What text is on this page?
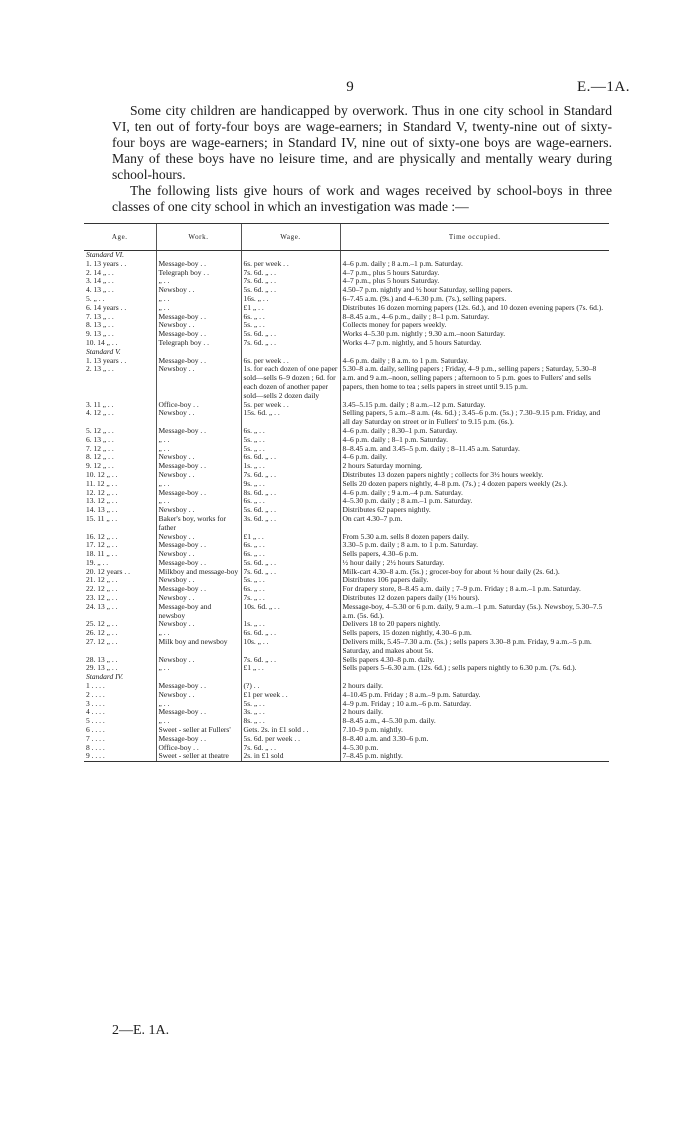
9	E.—1A.

Some city children are handicapped by overwork. Thus in one city school in Standard VI, ten out of forty-four boys are wage-earners; in Standard V, twenty-nine out of sixty-four boys are wage-earners; in Standard IV, nine out of sixty-one boys are wage-earners. Many of these boys have no leisure time, and are physically and mentally weary during school-hours.

The following lists give hours of work and wages received by school-boys in three classes of one city school in which an investigation was made :—

Age.	Work.	Wage.	Time occupied.
Standard VI.			
1. 13 years . .	Message-boy . .	6s. per week . .	4–6 p.m. daily ; 8 a.m.–1 p.m. Saturday.
2. 14 „ . .	Telegraph boy . .	7s. 6d. „ . .	4–7 p.m., plus 5 hours Saturday.
3. 14 „ . .	„ . .	7s. 6d. „ . .	4–7 p.m., plus 5 hours Saturday.
4. 13 „ . .	Newsboy . .	5s. 6d. „ . .	4.50–7 p.m. nightly and ½ hour Saturday, selling papers.
5. „ . .	„ . .	16s. „ . .	6–7.45 a.m. (9s.) and 4–6.30 p.m. (7s.), selling papers.
6. 14 years . .	„ . .	£1 „ . .	Distributes 16 dozen morning papers (12s. 6d.), and 10 dozen evening papers (7s. 6d.).
7. 13 „ . .	Message-boy . .	6s. „ . .	8–8.45 a.m., 4–6 p.m., daily ; 8–1 p.m. Saturday.
8. 13 „ . .	Newsboy . .	5s. „ . .	Collects money for papers weekly.
9. 13 „ . .	Message-boy . .	5s. 6d. „ . .	Works 4–5.30 p.m. nightly ; 9.30 a.m.–noon Saturday.
10. 14 „ . .	Telegraph boy . .	7s. 6d. „ . .	Works 4–7 p.m. nightly, and 5 hours Saturday.
Standard V.			
1. 13 years . .	Message-boy . .	6s. per week . .	4–6 p.m. daily ; 8 a.m. to 1 p.m. Saturday.
2. 13 „ . .	Newsboy . .	1s. for each dozen of one paper sold—sells 6–9 dozen ; 6d. for each dozen of another paper sold—sells 2 dozen daily	5.30–8 a.m. daily, selling papers ; Friday, 4–9 p.m., selling papers ; Saturday, 5.30–8 a.m. and 9 a.m.–noon, selling papers ; afternoon to 5 p.m. goes to Fullers' and sells papers, then home to tea ; sells papers in street until 9.15 p.m.
3. 11 „ . .	Office-boy . .	5s. per week . .	3.45–5.15 p.m. daily ; 8 a.m.–12 p.m. Saturday.
4. 12 „ . .	Newsboy . .	15s. 6d. „ . .	Selling papers, 5 a.m.–8 a.m. (4s. 6d.) ; 3.45–6 p.m. (5s.) ; 7.30–9.15 p.m. Friday, and all day Saturday on street or in Fullers' to 9.15 p.m. (6s.).
5. 12 „ . .	Message-boy . .	6s. „ . .	4–6 p.m. daily ; 8.30–1 p.m. Saturday.
6. 13 „ . .	„ . .	5s. „ . .	4–6 p.m. daily ; 8–1 p.m. Saturday.
7. 12 „ . .	„ . .	5s. „ . .	8–8.45 a.m. and 3.45–5 p.m. daily ; 8–11.45 a.m. Saturday.
8. 12 „ . .	Newsboy . .	6s. 6d. „ . .	4–6 p.m. daily.
9. 12 „ . .	Message-boy . .	1s. „ . .	2 hours Saturday morning.
10. 12 „ . .	Newsboy . .	7s. 6d. „ . .	Distributes 13 dozen papers nightly ; collects for 3½ hours weekly.
11. 12 „ . .	„ . .	9s. „ . .	Sells 20 dozen papers nightly, 4–8 p.m. (7s.) ; 4 dozen papers weekly (2s.).
12. 12 „ . .	Message-boy . .	8s. 6d. „ . .	4–6 p.m. daily ; 9 a.m.–4 p.m. Saturday.
13. 12 „ . .	„ . .	6s. „ . .	4–5.30 p.m. daily ; 8 a.m.–1 p.m. Saturday.
14. 13 „ . .	Newsboy . .	5s. 6d. „ . .	Distributes 62 papers nightly.
15. 11 „ . .	Baker's boy, works for father	3s. 6d. „ . .	On cart 4.30–7 p.m.
16. 12 „ . .	Newsboy . .	£1 „ . .	From 5.30 a.m. sells 8 dozen papers daily.
17. 12 „ . .	Message-boy . .	6s. „ . .	3.30–5 p.m. daily ; 8 a.m. to 1 p.m. Saturday.
18. 11 „ . .	Newsboy . .	6s. „ . .	Sells papers, 4.30–6 p.m.
19. „ . .	Message-boy . .	5s. 6d. „ . .	½ hour daily ; 2½ hours Saturday.
20. 12 years . .	Milkboy and message-boy	7s. 6d. „ . .	Milk-cart 4.30–8 a.m. (5s.) ; grocer-boy for about ½ hour daily (2s. 6d.).
21. 12 „ . .	Newsboy . .	5s. „ . .	Distributes 106 papers daily.
22. 12 „ . .	Message-boy . .	6s. „ . .	For drapery store, 8–8.45 a.m. daily ; 7–9 p.m. Friday ; 8 a.m.–1 p.m. Saturday.
23. 12 „ . .	Newsboy . .	7s. „ . .	Distributes 12 dozen papers daily (1½ hours).
24. 13 „ . .	Message-boy and newsboy	10s. 6d. „ . .	Message-boy, 4–5.30 or 6 p.m. daily, 9 a.m.–1 p.m. Saturday (5s.). Newsboy, 5.30–7.5 a.m. (5s. 6d.).
25. 12 „ . .	Newsboy . .	1s. „ . .	Delivers 18 to 20 papers nightly.
26. 12 „ . .	„ . .	6s. 6d. „ . .	Sells papers, 15 dozen nightly, 4.30–6 p.m.
27. 12 „ . .	Milk boy and newsboy	10s. „ . .	Delivers milk, 5.45–7.30 a.m. (5s.) ; sells papers 3.30–8 p.m. Friday, 9 a.m.–5 p.m. Saturday, and makes about 5s.
28. 13 „ . .	Newsboy . .	7s. 6d. „ . .	Sells papers 4.30–8 p.m. daily.
29. 13 „ . .	„ . .	£1 „ . .	Sells papers 5–6.30 a.m. (12s. 6d.) ; sells papers nightly to 6.30 p.m. (7s. 6d.).
Standard IV.			
1 . . . .	Message-boy . .	(?) . .	2 hours daily.
2 . . . .	Newsboy . .	£1 per week . .	4–10.45 p.m. Friday ; 8 a.m.–9 p.m. Saturday.
3 . . . .	„ . .	5s. „ . .	4–9 p.m. Friday ; 10 a.m.–6 p.m. Saturday.
4 . . . .	Message-boy . .	3s. „ . .	2 hours daily.
5 . . . .	„ . .	8s. „ . .	8–8.45 a.m., 4–5.30 p.m. daily.
6 . . . .	Sweet - seller at Fullers'	Gets. 2s. in £1 sold . .	7.10–9 p.m. nightly.
7 . . . .	Message-boy . .	5s. 6d. per week . .	8–8.40 a.m. and 3.30–6 p.m.
8 . . . .	Office-boy . .	7s. 6d. „ . .	4–5.30 p.m.
9 . . . .	Sweet - seller at theatre	2s. in £1 sold	7–8.45 p.m. nightly.
2—E. 1A.
